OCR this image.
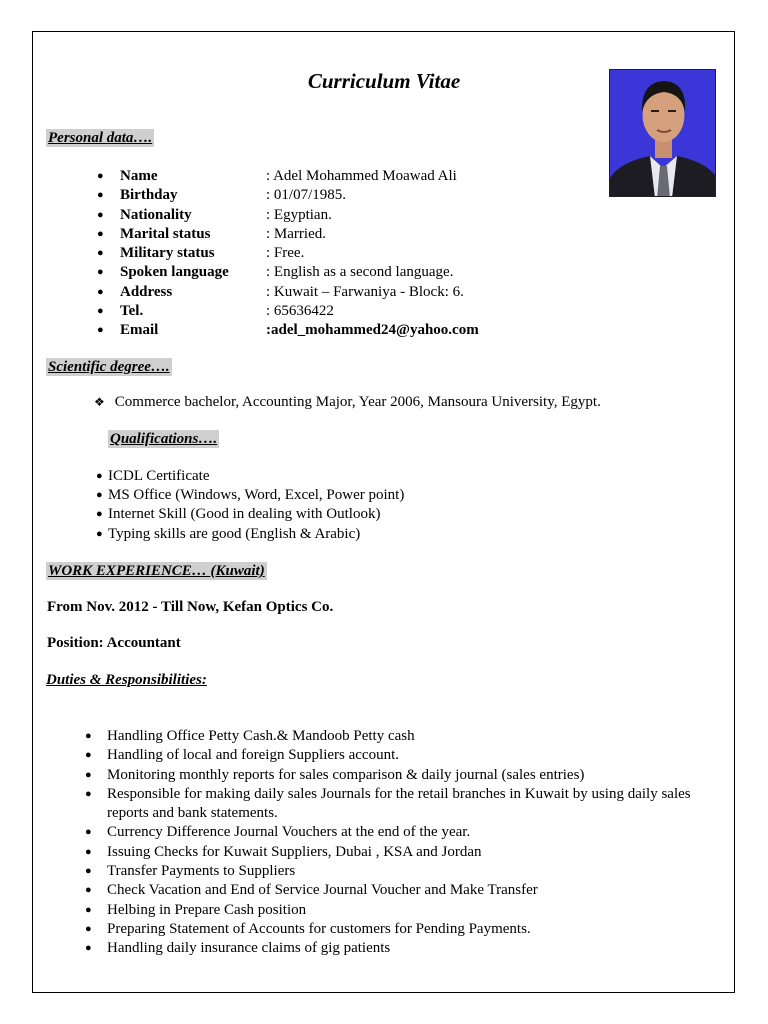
Curriculum Vitae
Personal data….
● Name	: Adel Mohammed Moawad Ali
● Birthday	: 01/07/1985.
● Nationality	: Egyptian.
● Marital status	: Married.
● Military status	: Free.
● Spoken language : English as a second language.
● Address	: Kuwait – Farwaniya - Block: 6.
● Tel.	: 65636422
● Email	:adel_mohammed24@yahoo.com
Scientific degree….
❖ Commerce bachelor, Accounting Major, Year 2006, Mansoura University, Egypt.
Qualifications….
● ICDL Certificate
● MS Office (Windows, Word, Excel, Power point)
● Internet Skill (Good in dealing with Outlook)
● Typing skills are good (English & Arabic)
WORK EXPERIENCE… (Kuwait)
From Nov. 2012 - Till Now, Kefan Optics Co.
Position: Accountant
Duties & Responsibilities:
● Handling Office Petty Cash.& Mandoob Petty cash
● Handling of local and foreign Suppliers account.
● Monitoring monthly reports for sales comparison & daily journal (sales entries)
● Responsible for making daily sales Journals for the retail branches in Kuwait by using daily sales reports and bank statements.
● Currency Difference Journal Vouchers at the end of the year.
● Issuing Checks for Kuwait Suppliers, Dubai , KSA and Jordan
● Transfer Payments to Suppliers
● Check Vacation and End of Service Journal Voucher and Make Transfer
● Helbing in Prepare Cash position
● Preparing Statement of Accounts for customers for Pending Payments.
● Handling daily insurance claims of gig patients
